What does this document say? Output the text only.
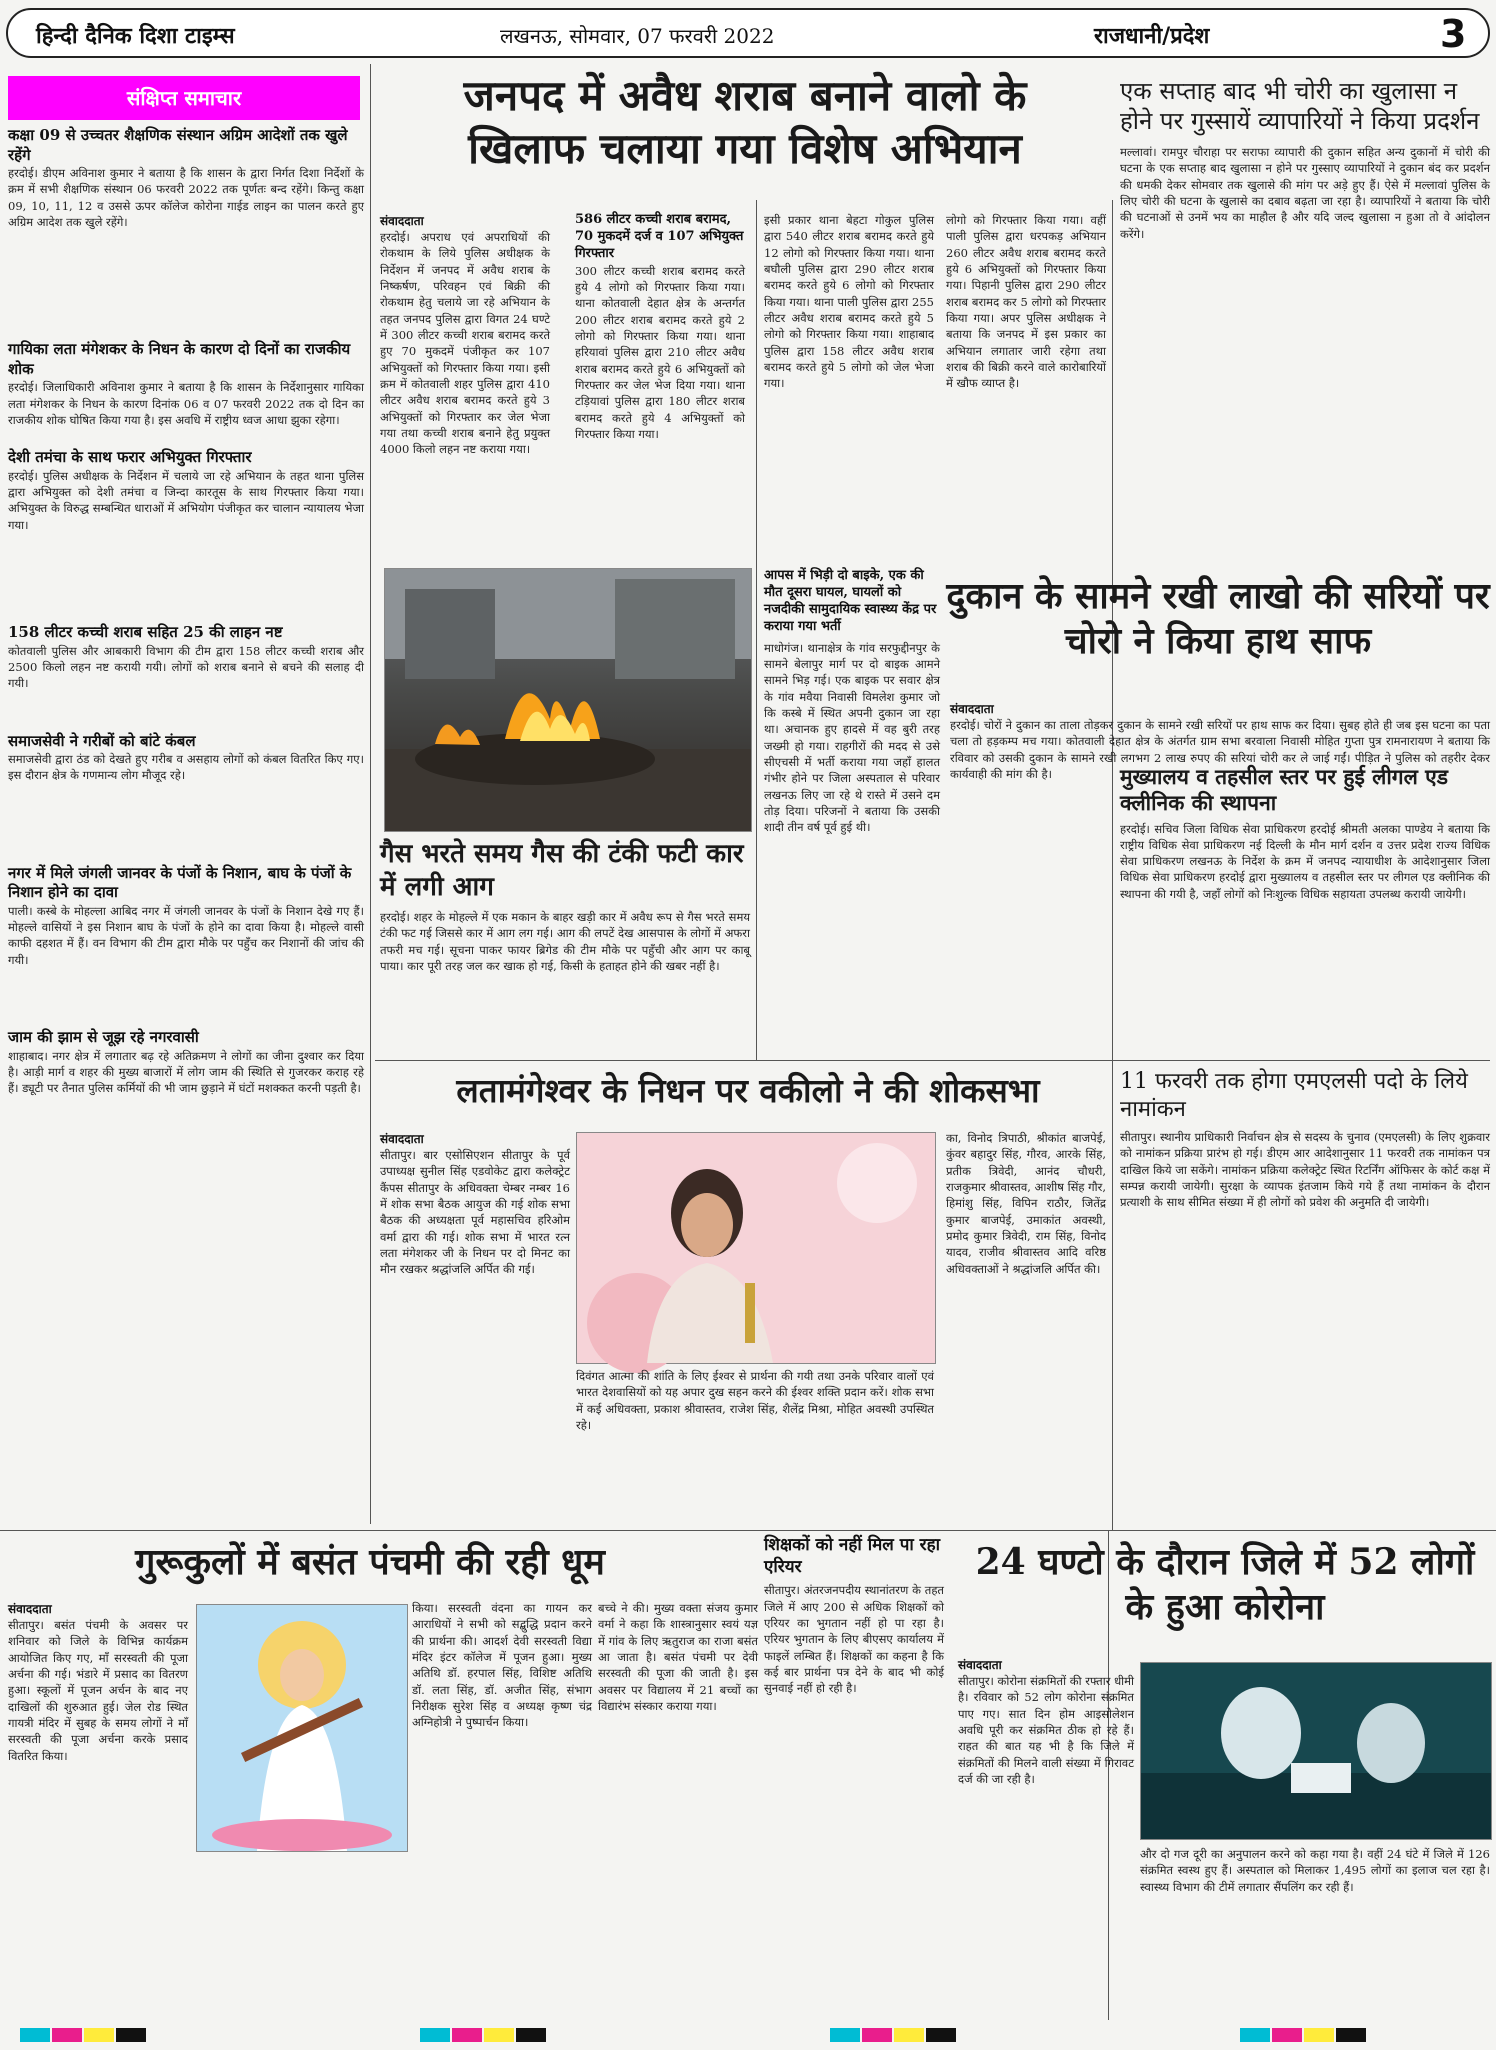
हिन्दी दैनिक दिशा टाइम्स	लखनऊ, सोमवार, 07 फरवरी 2022	राजधानी/प्रदेश	3
संक्षिप्त समाचार
कक्षा 09 से उच्चतर शैक्षणिक संस्थान अग्रिम आदेशों तक खुले रहेंगे
हरदोई। डीएम अविनाश कुमार ने बताया है कि शासन के द्वारा निर्गत दिशा निर्देशों के क्रम में सभी शैक्षणिक संस्थान 06 फरवरी 2022 तक पूर्णतः बन्द रहेंगे। किन्तु कक्षा 09, 10, 11, 12 व उससे ऊपर कॉलेज कोरोना गाईड लाइन का पालन करते हुए अग्रिम आदेश तक खुले रहेंगे।
गायिका लता मंगेशकर के निधन के कारण दो दिनों का राजकीय शोक
हरदोई। जिलाधिकारी अविनाश कुमार ने बताया है कि शासन के निर्देशानुसार गायिका लता मंगेशकर के निधन के कारण दिनांक 06 व 07 फरवरी 2022 तक दो दिन का राजकीय शोक घोषित किया गया है। इस अवधि में राष्ट्रीय ध्वज आधा झुका रहेगा।
देशी तमंचा के साथ फरार अभियुक्त गिरफ्तार
हरदोई। पुलिस अधीक्षक के निर्देशन में चलाये जा रहे अभियान के तहत थाना पुलिस द्वारा अभियुक्त को देशी तमंचा व जिन्दा कारतूस के साथ गिरफ्तार किया गया। अभियुक्त के विरुद्ध सम्बन्धित धाराओं में अभियोग पंजीकृत कर चालान न्यायालय भेजा गया।
158 लीटर कच्ची शराब सहित 25 की लाहन नष्ट
कोतवाली पुलिस और आबकारी विभाग की टीम द्वारा 158 लीटर कच्ची शराब और 2500 किलो लहन नष्ट करायी गयी। लोगों को शराब बनाने से बचने की सलाह दी गयी।
समाजसेवी ने गरीबों को बांटे कंबल
समाजसेवी द्वारा ठंड को देखते हुए गरीब व असहाय लोगों को कंबल वितरित किए गए। इस दौरान क्षेत्र के गणमान्य लोग मौजूद रहे।
नगर में मिले जंगली जानवर के पंजों के निशान, बाघ के पंजों के निशान होने का दावा
पाली। कस्बे के मोहल्ला आबिद नगर में जंगली जानवर के पंजों के निशान देखे गए हैं। मोहल्ले वासियों ने इस निशान बाघ के पंजों के होने का दावा किया है। मोहल्ले वासी काफी दहशत में हैं। वन विभाग की टीम द्वारा मौके पर पहुँच कर निशानों की जांच की गयी।
जाम की झाम से जूझ रहे नगरवासी
शाहाबाद। नगर क्षेत्र में लगातार बढ़ रहे अतिक्रमण ने लोगों का जीना दुश्वार कर दिया है। आड़ी मार्ग व शहर की मुख्य बाजारों में लोग जाम की स्थिति से गुजरकर कराह रहे हैं। ड्यूटी पर तैनात पुलिस कर्मियों की भी जाम छुड़ाने में घंटों मशक्कत करनी पड़ती है।
जनपद में अवैध शराब बनाने वालो के
खिलाफ चलाया गया विशेष अभियान
संवाददाता
हरदोई। अपराध एवं अपराधियों की रोकथाम के लिये पुलिस अधीक्षक के निर्देशन में जनपद में अवैध शराब के निष्कर्षण, परिवहन एवं बिक्री की रोकथाम हेतु चलाये जा रहे अभियान के तहत जनपद पुलिस द्वारा विगत 24 घण्टे में 300 लीटर कच्ची शराब बरामद करते हुए 70 मुकदमें पंजीकृत कर 107 अभियुक्तों को गिरफ्तार किया गया। इसी क्रम में कोतवाली शहर पुलिस द्वारा 410 लीटर अवैध शराब बरामद करते हुये 3 अभियुक्तों को गिरफ्तार कर जेल भेजा गया तथा कच्ची शराब बनाने हेतु प्रयुक्त 4000 किलो लहन नष्ट कराया गया।
586 लीटर कच्ची शराब बरामद, 70 मुकदमें दर्ज व 107 अभियुक्त गिरफ्तार
300 लीटर कच्ची शराब बरामद करते हुये 4 लोगो को गिरफ्तार किया गया। थाना कोतवाली देहात क्षेत्र के अन्तर्गत 200 लीटर शराब बरामद करते हुये 2 लोगो को गिरफ्तार किया गया। थाना हरियावां पुलिस द्वारा 210 लीटर अवैध शराब बरामद करते हुये 6 अभियुक्तों को गिरफ्तार कर जेल भेज दिया गया। थाना टड़ियावां पुलिस द्वारा 180 लीटर शराब बरामद करते हुये 4 अभियुक्तों को गिरफ्तार किया गया।
इसी प्रकार थाना बेहटा गोकुल पुलिस द्वारा 540 लीटर शराब बरामद करते हुये 12 लोगो को गिरफ्तार किया गया। थाना बघौली पुलिस द्वारा 290 लीटर शराब बरामद करते हुये 6 लोगो को गिरफ्तार किया गया। थाना पाली पुलिस द्वारा 255 लीटर अवैध शराब बरामद करते हुये 5 लोगो को गिरफ्तार किया गया। शाहाबाद पुलिस द्वारा 158 लीटर अवैध शराब बरामद करते हुये 5 लोगो को जेल भेजा गया।
लोगो को गिरफ्तार किया गया। वहीं पाली पुलिस द्वारा धरपकड़ अभियान 260 लीटर अवैध शराब बरामद करते हुये 6 अभियुक्तों को गिरफ्तार किया गया। पिहानी पुलिस द्वारा 290 लीटर शराब बरामद कर 5 लोगो को गिरफ्तार किया गया। अपर पुलिस अधीक्षक ने बताया कि जनपद में इस प्रकार का अभियान लगातार जारी रहेगा तथा शराब की बिक्री करने वाले कारोबारियों में खौफ व्याप्त है।
गैस भरते समय गैस की टंकी फटी कार में लगी आग
हरदोई। शहर के मोहल्ले में एक मकान के बाहर खड़ी कार में अवैध रूप से गैस भरते समय टंकी फट गई जिससे कार में आग लग गई। आग की लपटें देख आसपास के लोगों में अफरा तफरी मच गई। सूचना पाकर फायर ब्रिगेड की टीम मौके पर पहुँची और आग पर काबू पाया। कार पूरी तरह जल कर खाक हो गई, किसी के हताहत होने की खबर नहीं है।
आपस में भिड़ी दो बाइके, एक की मौत दूसरा घायल, घायलों को नजदीकी सामुदायिक स्वास्थ्य केंद्र पर कराया गया भर्ती
माधोगंज। थानाक्षेत्र के गांव सरफुद्दीनपुर के सामने बेलापुर मार्ग पर दो बाइक आमने सामने भिड़ गई। एक बाइक पर सवार क्षेत्र के गांव मवैया निवासी विमलेश कुमार जो कि कस्बे में स्थित अपनी दुकान जा रहा था। अचानक हुए हादसे में वह बुरी तरह जख्मी हो गया। राहगीरों की मदद से उसे सीएचसी में भर्ती कराया गया जहाँ हालत गंभीर होने पर जिला अस्पताल से परिवार लखनऊ लिए जा रहे थे रास्ते में उसने दम तोड़ दिया। परिजनों ने बताया कि उसकी शादी तीन वर्ष पूर्व हुई थी।
एक सप्ताह बाद भी चोरी का खुलासा न होने पर गुस्सायें व्यापारियों ने किया प्रदर्शन
मल्लावां। रामपुर चौराहा पर सराफा व्यापारी की दुकान सहित अन्य दुकानों में चोरी की घटना के एक सप्ताह बाद खुलासा न होने पर गुस्साए व्यापारियों ने दुकान बंद कर प्रदर्शन की धमकी देकर सोमवार तक खुलासे की मांग पर अड़े हुए हैं। ऐसे में मल्लावां पुलिस के लिए चोरी की घटना के खुलासे का दबाव बढ़ता जा रहा है। व्यापारियों ने बताया कि चोरी की घटनाओं से उनमें भय का माहौल है और यदि जल्द खुलासा न हुआ तो वे आंदोलन करेंगे।
दुकान के सामने रखी लाखो की सरियों पर चोरो ने किया हाथ साफ
संवाददाता
हरदोई। चोरों ने दुकान का ताला तोड़कर दुकान के सामने रखी सरियों पर हाथ साफ कर दिया। सुबह होते ही जब इस घटना का पता चला तो हड़कम्प मच गया। कोतवाली देहात क्षेत्र के अंतर्गत ग्राम सभा बरवाला निवासी मोहित गुप्ता पुत्र रामनारायण ने बताया कि रविवार को उसकी दुकान के सामने रखी लगभग 2 लाख रुपए की सरियां चोरी कर ले जाई गईं। पीड़ित ने पुलिस को तहरीर देकर कार्यवाही की मांग की है।	मुख्यालय व तहसील स्तर पर हुई लीगल एड क्लीनिक की स्थापना
हरदोई। सचिव जिला विधिक सेवा प्राधिकरण हरदोई श्रीमती अलका पाण्डेय ने बताया कि राष्ट्रीय विधिक सेवा प्राधिकरण नई दिल्ली के मौन मार्ग दर्शन व उत्तर प्रदेश राज्य विधिक सेवा प्राधिकरण लखनऊ के निर्देश के क्रम में जनपद न्यायाधीश के आदेशानुसार जिला विधिक सेवा प्राधिकरण हरदोई द्वारा मुख्यालय व तहसील स्तर पर लीगल एड क्लीनिक की स्थापना की गयी है, जहाँ लोगों को निःशुल्क विधिक सहायता उपलब्ध करायी जायेगी।
लतामंगेश्वर के निधन पर वकीलो ने की शोकसभा
संवाददाता
सीतापुर। बार एसोसिएशन सीतापुर के पूर्व उपाध्यक्ष सुनील सिंह एडवोकेट द्वारा कलेक्ट्रेट कैंपस सीतापुर के अधिवक्ता चेम्बर नम्बर 16 में शोक सभा बैठक आयुज की गई शोक सभा बैठक की अध्यक्षता पूर्व महासचिव हरिओम वर्मा द्वारा की गई। शोक सभा में भारत रत्न लता मंगेशकर जी के निधन पर दो मिनट का मौन रखकर श्रद्धांजलि अर्पित की गई।
दिवंगत आत्मा की शांति के लिए ईश्वर से प्रार्थना की गयी तथा उनके परिवार वालों एवं भारत देशवासियों को यह अपार दुख सहन करने की ईश्वर शक्ति प्रदान करें। शोक सभा में कई अधिवक्ता, प्रकाश श्रीवास्तव, राजेश सिंह, शैलेंद्र मिश्रा, मोहित अवस्थी उपस्थित रहे।
का, विनोद त्रिपाठी, श्रीकांत बाजपेई, कुंवर बहादुर सिंह, गौरव, आरके सिंह, प्रतीक त्रिवेदी, आनंद चौधरी, राजकुमार श्रीवास्तव, आशीष सिंह गौर, हिमांशु सिंह, विपिन राठौर, जितेंद्र कुमार बाजपेई, उमाकांत अवस्थी, प्रमोद कुमार त्रिवेदी, राम सिंह, विनोद यादव, राजीव श्रीवास्तव आदि वरिष्ठ अधिवक्ताओं ने श्रद्धांजलि अर्पित की।
11 फरवरी तक होगा एमएलसी पदो के लिये नामांकन
सीतापुर। स्थानीय प्राधिकारी निर्वाचन क्षेत्र से सदस्य के चुनाव (एमएलसी) के लिए शुक्रवार को नामांकन प्रक्रिया प्रारंभ हो गई। डीएम आर आदेशानुसार 11 फरवरी तक नामांकन पत्र दाखिल किये जा सकेंगे। नामांकन प्रक्रिया कलेक्ट्रेट स्थित रिटर्निंग ऑफिसर के कोर्ट कक्ष में सम्पन्न करायी जायेगी। सुरक्षा के व्यापक इंतजाम किये गये हैं तथा नामांकन के दौरान प्रत्याशी के साथ सीमित संख्या में ही लोगों को प्रवेश की अनुमति दी जायेगी।
गुरूकुलों में बसंत पंचमी की रही धूम
संवाददाता
सीतापुर। बसंत पंचमी के अवसर पर शनिवार को जिले के विभिन्न कार्यक्रम आयोजित किए गए, माँ सरस्वती की पूजा अर्चना की गई। भंडारे में प्रसाद का वितरण हुआ। स्कूलों में पूजन अर्चन के बाद नए दाखिलों की शुरुआत हुई। जेल रोड स्थित गायत्री मंदिर में सुबह के समय लोगों ने माँ सरस्वती की पूजा अर्चना करके प्रसाद वितरित किया।
किया। सरस्वती वंदना का गायन कर आराधियों ने सभी को सद्बुद्धि प्रदान करने की प्रार्थना की। आदर्श देवी सरस्वती विद्या मंदिर इंटर कॉलेज में पूजन हुआ। मुख्य अतिथि डॉ. हरपाल सिंह, विशिष्ट अतिथि डॉ. लता सिंह, डॉ. अजीत सिंह, संभाग निरीक्षक सुरेश सिंह व अध्यक्ष कृष्ण चंद्र अग्निहोत्री ने पुष्पार्चन किया।
बच्चे ने की। मुख्य वक्ता संजय कुमार वर्मा ने कहा कि शास्त्रानुसार स्वयं यज्ञ में गांव के लिए ऋतुराज का राजा बसंत आ जाता है। बसंत पंचमी पर देवी सरस्वती की पूजा की जाती है। इस अवसर पर विद्यालय में 21 बच्चों का विद्यारंभ संस्कार कराया गया।
शिक्षकों को नहीं मिल पा रहा एरियर
सीतापुर। अंतरजनपदीय स्थानांतरण के तहत जिले में आए 200 से अधिक शिक्षकों को एरियर का भुगतान नहीं हो पा रहा है। एरियर भुगतान के लिए बीएसए कार्यालय में फाइलें लम्बित हैं। शिक्षकों का कहना है कि कई बार प्रार्थना पत्र देने के बाद भी कोई सुनवाई नहीं हो रही है।
24 घण्टो के दौरान जिले में 52 लोगों के हुआ कोरोना
संवाददाता
सीतापुर। कोरोना संक्रमितों की रफ्तार धीमी है। रविवार को 52 लोग कोरोना संक्रमित पाए गए। सात दिन होम आइसोलेशन अवधि पूरी कर संक्रमित ठीक हो रहे हैं। राहत की बात यह भी है कि जिले में संक्रमितों की मिलने वाली संख्या में गिरावट दर्ज की जा रही है।
और दो गज दूरी का अनुपालन करने को कहा गया है। वहीं 24 घंटे में जिले में 126 संक्रमित स्वस्थ हुए हैं। अस्पताल को मिलाकर 1,495 लोगों का इलाज चल रहा है। स्वास्थ्य विभाग की टीमें लगातार सैंपलिंग कर रही हैं।
